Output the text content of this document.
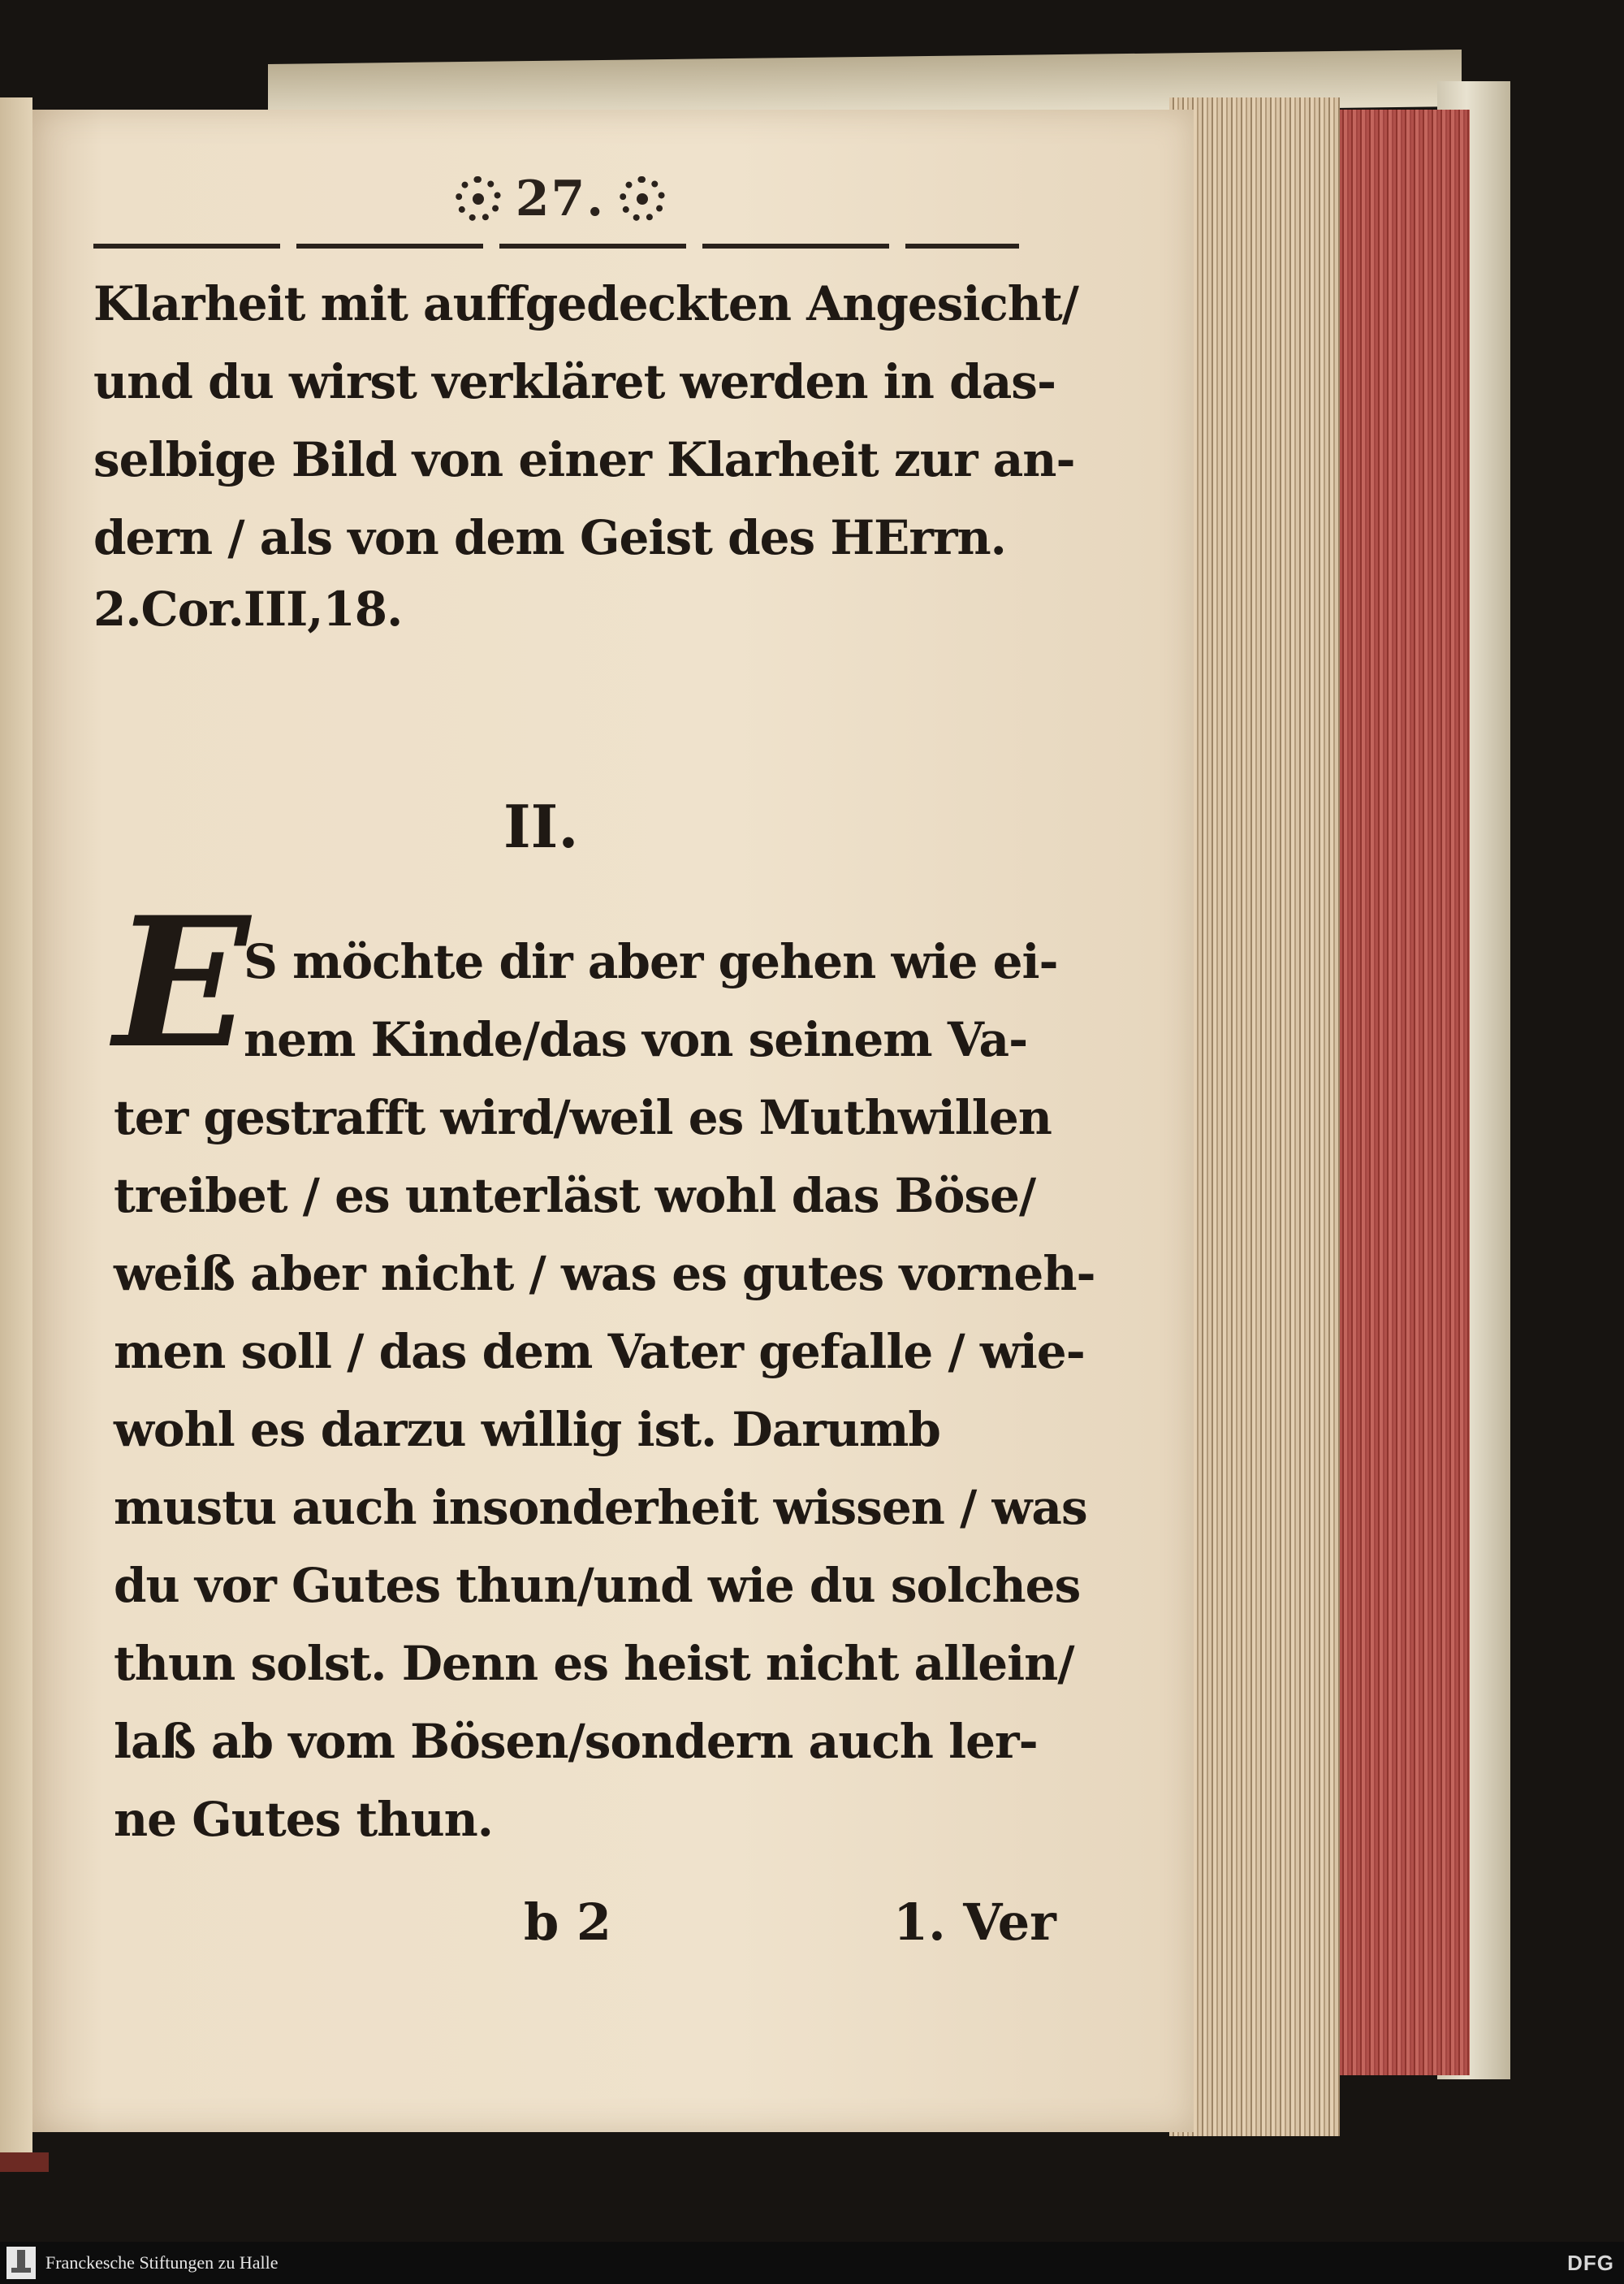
27.
Klarheit mit auffgedeckten Angesicht/
und du wirst verkläret werden in das-
selbige Bild von einer Klarheit zur an-
dern / als von dem Geist des HErrn.
2.Cor.III,18.
II.
E
S möchte dir aber gehen wie ei-
nem Kinde/das von seinem Va-
ter gestrafft wird/weil es Muthwillen
treibet / es unterläst wohl das Böse/
weiß aber nicht / was es gutes vorneh-
men soll / das dem Vater gefalle / wie-
wohl es darzu willig ist. Darumb
mustu auch insonderheit wissen / was
du vor Gutes thun/und wie du solches
thun solst. Denn es heist nicht allein/
laß ab vom Bösen/sondern auch ler-
ne Gutes thun.
b 2	1. Ver
Franckesche Stiftungen zu Halle	DFG
